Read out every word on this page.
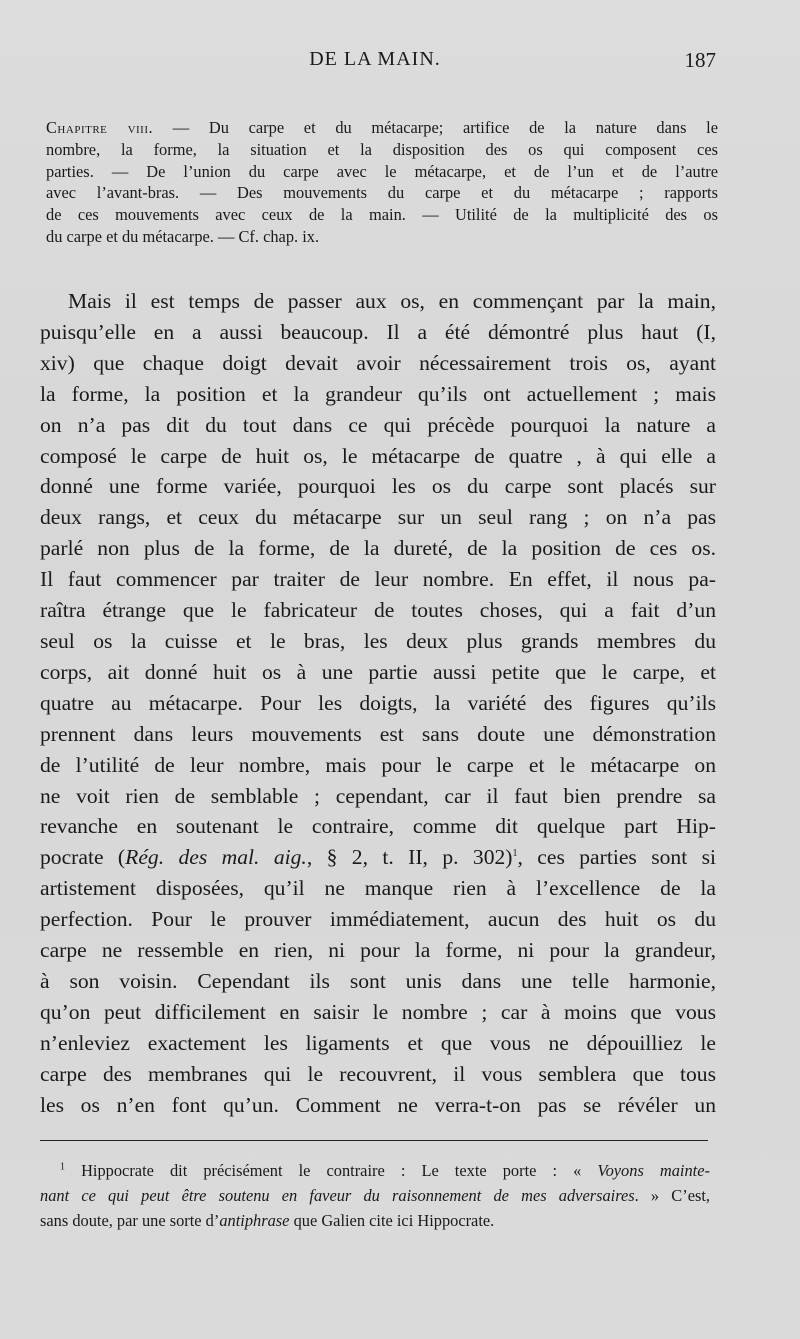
DE LA MAIN.	187
Chapitre viii. — Du carpe et du métacarpe; artifice de la nature dans le
nombre, la forme, la situation et la disposition des os qui composent ces
parties. — De l’union du carpe avec le métacarpe, et de l’un et de l’autre
avec l’avant-bras. — Des mouvements du carpe et du métacarpe ; rapports
de ces mouvements avec ceux de la main. — Utilité de la multiplicité des os
du carpe et du métacarpe. — Cf. chap. ix.
Mais il est temps de passer aux os, en commençant par la main,
puisqu’elle en a aussi beaucoup. Il a été démontré plus haut (I,
xiv) que chaque doigt devait avoir nécessairement trois os, ayant
la forme, la position et la grandeur qu’ils ont actuellement ; mais
on n’a pas dit du tout dans ce qui précède pourquoi la nature a
composé le carpe de huit os, le métacarpe de quatre , à qui elle a
donné une forme variée, pourquoi les os du carpe sont placés sur
deux rangs, et ceux du métacarpe sur un seul rang ; on n’a pas
parlé non plus de la forme, de la dureté, de la position de ces os.
Il faut commencer par traiter de leur nombre. En effet, il nous pa-
raîtra étrange que le fabricateur de toutes choses, qui a fait d’un
seul os la cuisse et le bras, les deux plus grands membres du
corps, ait donné huit os à une partie aussi petite que le carpe, et
quatre au métacarpe. Pour les doigts, la variété des figures qu’ils
prennent dans leurs mouvements est sans doute une démonstration
de l’utilité de leur nombre, mais pour le carpe et le métacarpe on
ne voit rien de semblable ; cependant, car il faut bien prendre sa
revanche en soutenant le contraire, comme dit quelque part Hip-
pocrate (Rég. des mal. aig., § 2, t. II, p. 302)$^1$, ces parties sont si
artistement disposées, qu’il ne manque rien à l’excellence de la
perfection. Pour le prouver immédiatement, aucun des huit os du
carpe ne ressemble en rien, ni pour la forme, ni pour la grandeur,
à son voisin. Cependant ils sont unis dans une telle harmonie,
qu’on peut difficilement en saisir le nombre ; car à moins que vous
n’enleviez exactement les ligaments et que vous ne dépouilliez le
carpe des membranes qui le recouvrent, il vous semblera que tous
les os n’en font qu’un. Comment ne verra-t-on pas se révéler un
$^1$ Hippocrate dit précisément le contraire : Le texte porte : « Voyons mainte-
nant ce qui peut être soutenu en faveur du raisonnement de mes adversaires. » C’est,
sans doute, par une sorte d’antiphrase que Galien cite ici Hippocrate.
